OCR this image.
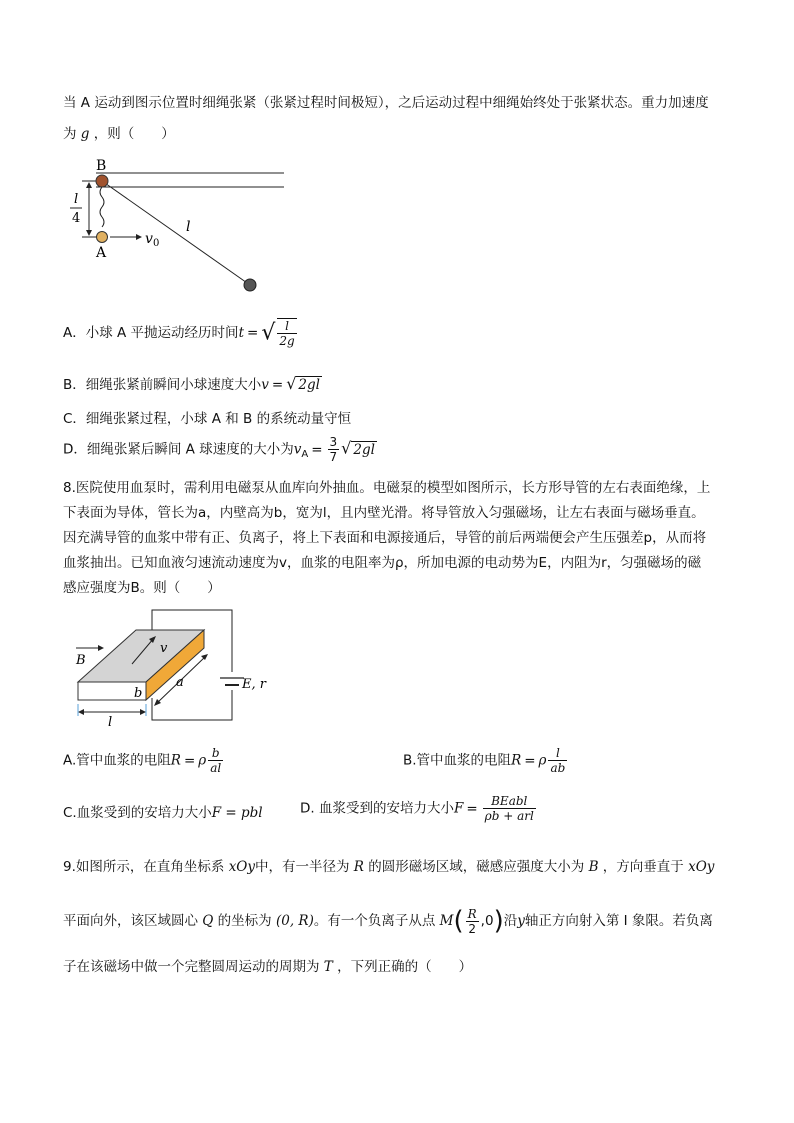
当 A 运动到图示位置时细绳张紧（张紧过程时间极短），之后运动过程中细绳始终处于张紧状态。重力加速度
为 g ，则（　　）
l
4
l
B
A
v 0
A．小球 A 平抛运动经历时间t = √ $\frac{l}{2g}$
B．细绳张紧前瞬间小球速度大小v = √ 2gl
C．细绳张紧过程，小球 A 和 B 的系统动量守恒
D．细绳张紧后瞬间 A 球速度的大小为$v_A = \frac{3}{7}$ √ 2gl
8.医院使用血泵时，需利用电磁泵从血库向外抽血。电磁泵的模型如图所示，长方形导管的左右表面绝缘，上
下表面为导体，管长为a，内壁高为b，宽为l，且内壁光滑。将导管放入匀强磁场，让左右表面与磁场垂直。
因充满导管的血浆中带有正、负离子，将上下表面和电源接通后，导管的前后两端便会产生压强差p，从而将
血浆抽出。已知血液匀速流动速度为v，血浆的电阻率为ρ，所加电源的电动势为E，内阻为r，匀强磁场的磁
感应强度为B。则（　　）
E, r
B
v
b
a
l
A.管中血浆的电阻R = ρ $\frac{b}{al}$	B.管中血浆的电阻R = ρ $\frac{l}{ab}$
C.血浆受到的安培力大小F = pbl	D. 血浆受到的安培力大小$F = \frac{\text{BEabl}}{\text{ρb + arl}}$
9.如图所示，在直角坐标系 xOy中，有一半径为 R 的圆形磁场区域，磁感应强度大小为 B ，方向垂直于 xOy
平面向外，该区域圆心 Q 的坐标为 (0, R)。有一个负离子从点 $M( \frac{R}{2} ,0)$沿y轴正方向射入第 I 象限。若负离
子在该磁场中做一个完整圆周运动的周期为 T ，下列正确的（　　）
